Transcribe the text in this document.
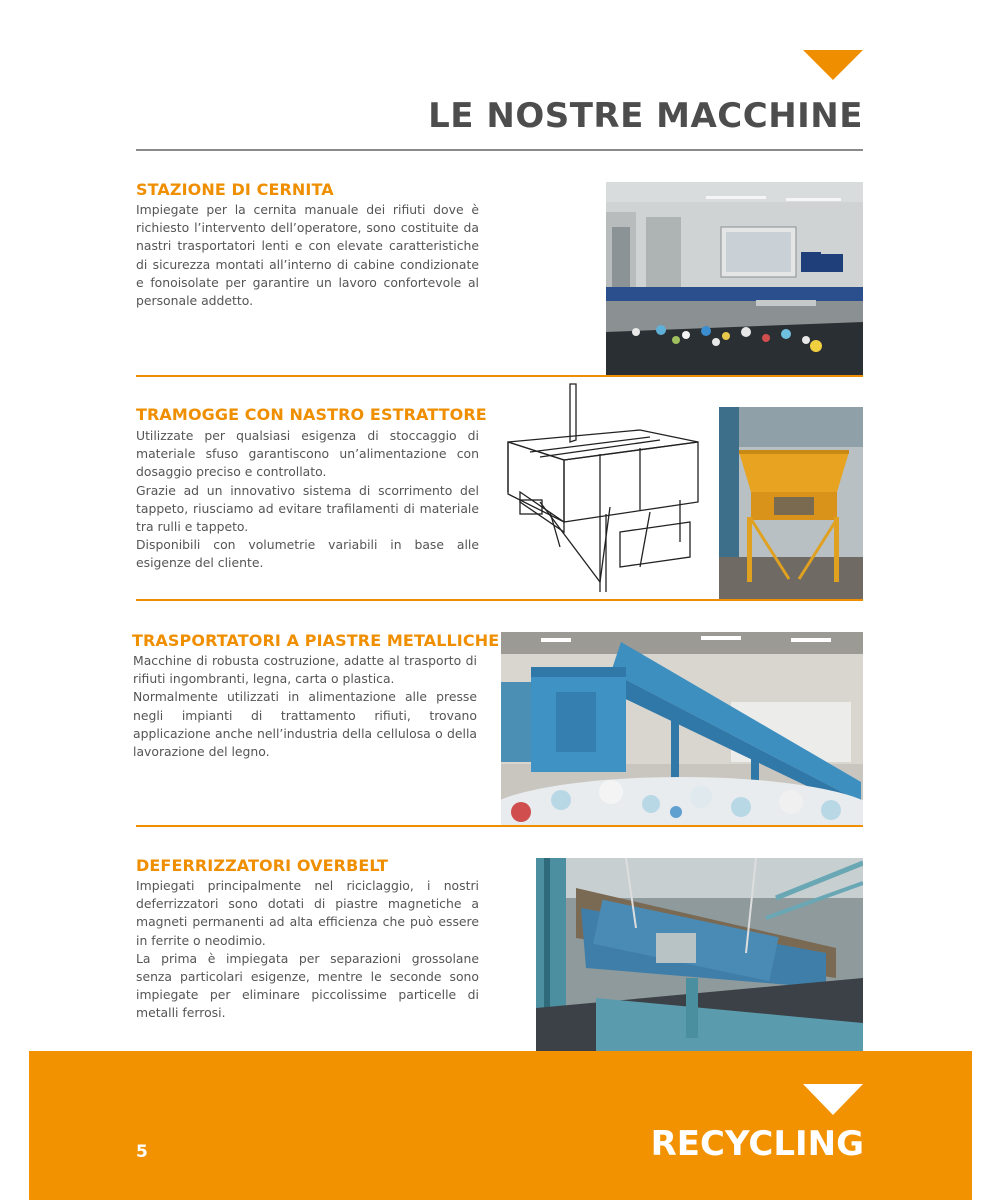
LE NOSTRE MACCHINE
STAZIONE DI CERNITA

Impiegate per la cernita manuale dei rifiuti dove è richiesto l’intervento dell’operatore, sono costituite da nastri trasportatori lenti e con elevate caratteristiche di sicurezza montati all’interno di cabine condizionate e fonoisolate per garantire un lavoro confortevole al personale addetto.

TRAMOGGE CON NASTRO ESTRATTORE

Utilizzate per qualsiasi esigenza di stoccaggio di materiale sfuso garantiscono un’alimentazione con dosaggio preciso e controllato.

Grazie ad un innovativo sistema di scorrimento del tappeto, riusciamo ad evitare trafilamenti di materiale tra rulli e tappeto.

Disponibili con volumetrie variabili in base alle esigenze del cliente.

TRASPORTATORI A PIASTRE METALLICHE

Macchine di robusta costruzione, adatte al trasporto di rifiuti ingombranti, legna, carta o plastica.

Normalmente utilizzati in alimentazione alle presse negli impianti di trattamento rifiuti, trovano applicazione anche nell’industria della cellulosa o della lavorazione del legno.

DEFERRIZZATORI OVERBELT

Impiegati principalmente nel riciclaggio, i nostri deferrizzatori sono dotati di piastre magnetiche a magneti permanenti ad alta efficienza che può essere in ferrite o neodimio.

La prima è impiegata per separazioni grossolane senza particolari esigenze, mentre le seconde sono impiegate per eliminare piccolissime particelle di metalli ferrosi.

5	RECYCLING
